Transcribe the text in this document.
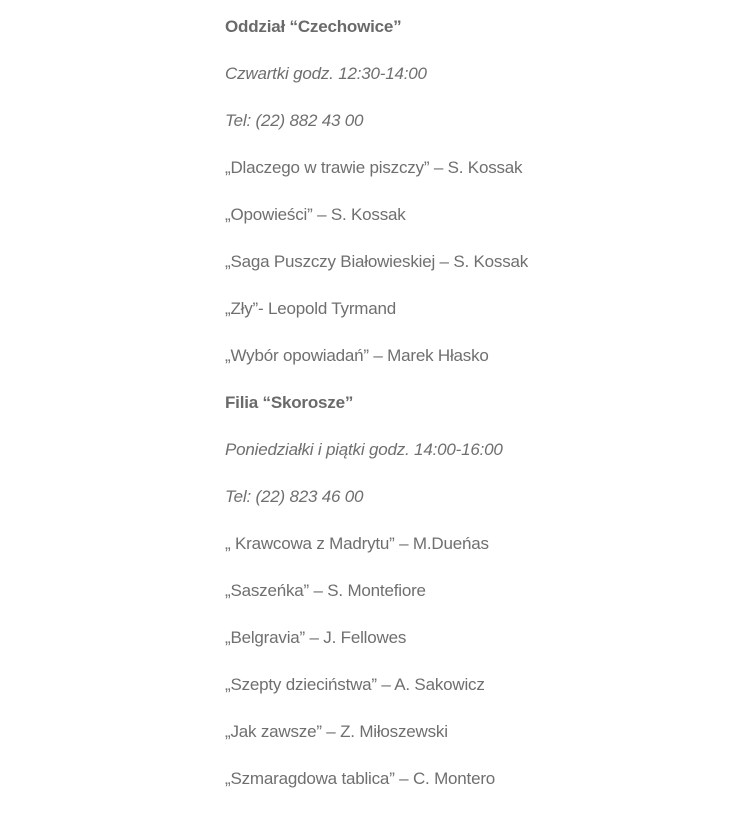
Oddział “Czechowice”
Czwartki godz. 12:30-14:00
Tel: (22) 882 43 00
„Dlaczego w trawie piszczy” – S. Kossak
„Opowieści” – S. Kossak
„Saga Puszczy Białowieskiej – S. Kossak
„Zły”- Leopold Tyrmand
„Wybór opowiadań” – Marek Hłasko
Filia “Skorosze”
Poniedziałki i piątki godz. 14:00-16:00
Tel: (22) 823 46 00
„ Krawcowa z Madrytu” – M.Dueńas
„Saszeńka” – S. Montefiore
„Belgravia” – J. Fellowes
„Szepty dzieciństwa” – A. Sakowicz
„Jak zawsze” – Z. Miłoszewski
„Szmaragdowa tablica” – C. Montero
